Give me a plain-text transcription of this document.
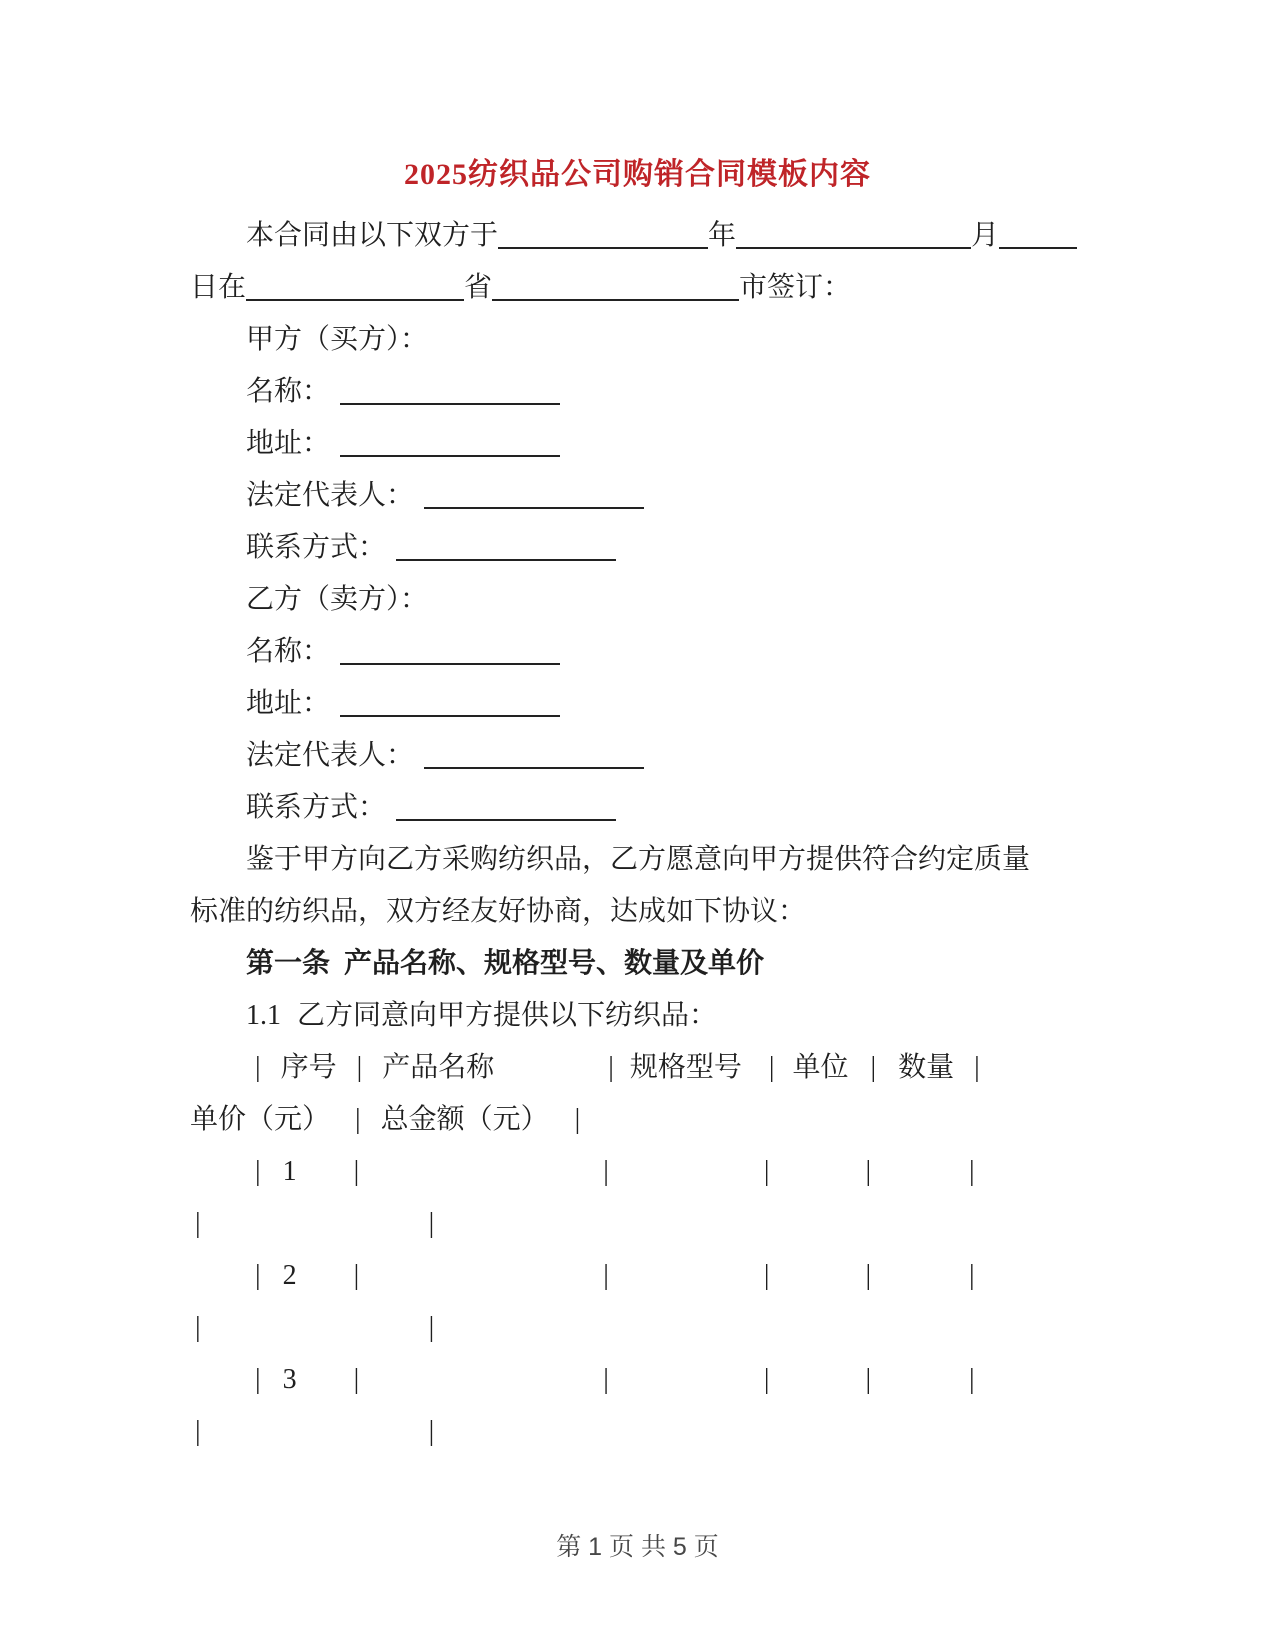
2025纺织品公司购销合同模板内容
本合同由以下双方于	年	月
日在	省	市签订：
甲方（买方）：
名称：
地址：
法定代表人：
联系方式：
乙方（卖方）：
名称：
地址：
法定代表人：
联系方式：
鉴于甲方向乙方采购纺织品，乙方愿意向甲方提供符合约定质量
标准的纺织品，双方经友好协商，达成如下协议：
第一条 产品名称、规格型号、数量及单价
1.1 乙方同意向甲方提供以下纺织品：
| 序号 | 产品名称	| 规格型号 | 单位 | 数量 |
单价（元） | 总金额（元） |
| 1 |	|	|	|	|
|	|
| 2 |	|	|	|	|
|	|
| 3 |	|	|	|	|
|	|
第 1 页 共 5 页
